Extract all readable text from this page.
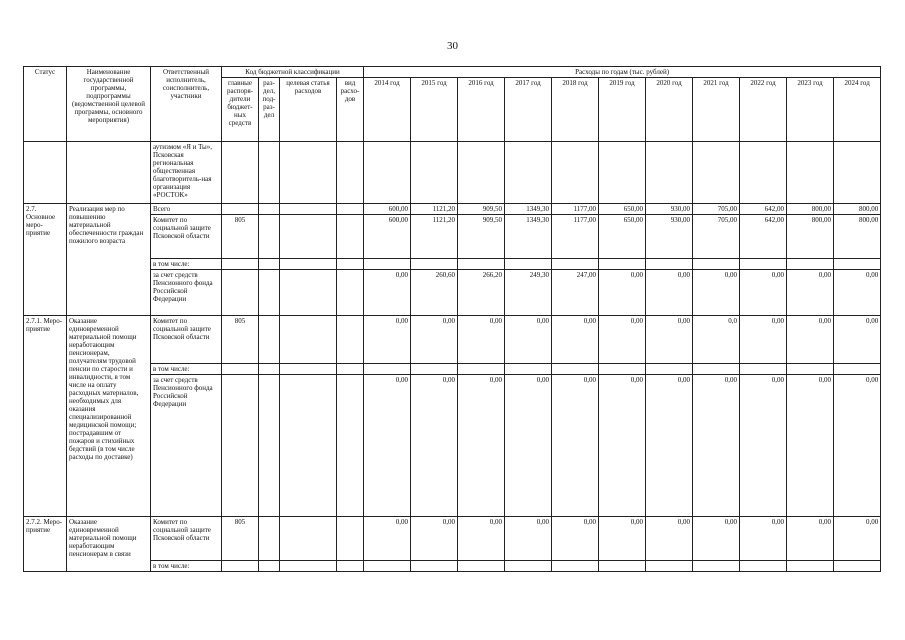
30
Статус	Наименование государственной программы, подпрограммы (ведомственной целевой программы, основного мероприятия)	Ответственный исполнитель, соисполнитель, участники	Код бюджетной классификации				Расходы по годам (тыс. рублей)										
			главные распоря-дители бюджет-ных средств	раз-дел, под-раз-дел	целевая статья расходов	вид расхо-дов	2014 год	2015 год	2016 год	2017 год	2018 год	2019 год	2020 год	2021 год	2022 год	2023 год	2024 год
		аутизмом «Я и Ты», Псковская региональная общественная благотворитель-ная организация «РОСТОК»															
2.7. Основное меро-приятие	Реализация мер по повышению материальной обеспеченности граждан пожилого возраста	Всего					600,00	1121,20	909,50	1349,30	1177,00	650,00	930,00	705,00	642,00	800,00	800,00
		Комитет по социальной защите Псковской области	805				600,00	1121,20	909,50	1349,30	1177,00	650,00	930,00	705,00	642,00	800,00	800,00
		в том числе:															
		за счет средств Пенсионного фонда Российской Федерации					0,00	260,60	266,20	249,30	247,00	0,00	0,00	0,00	0,00	0,00	0,00
2.7.1. Меро-приятие	Оказание единовременной материальной помощи неработающим пенсионерам, получателям трудовой пенсии по старости и инвалидности, в том числе на оплату расходных материалов, необходимых для оказания специализированной медицинской помощи; пострадавшим от пожаров и стихийных бедствий (в том числе расходы по доставке)	Комитет по социальной защите Псковской области	805				0,00	0,00	0,00	0,00	0,00	0,00	0,00	0,0	0,00	0,00	0,00
		в том числе:															
		за счет средств Пенсионного фонда Российской Федерации					0,00	0,00	0,00	0,00	0,00	0,00	0,00	0,00	0,00	0,00	0,00
2.7.2. Меро-приятие	Оказание единовременной материальной помощи неработающим пенсионерам в связи	Комитет по социальной защите Псковской области	805				0,00	0,00	0,00	0,00	0,00	0,00	0,00	0,00	0,00	0,00	0,00
		в том числе:															
